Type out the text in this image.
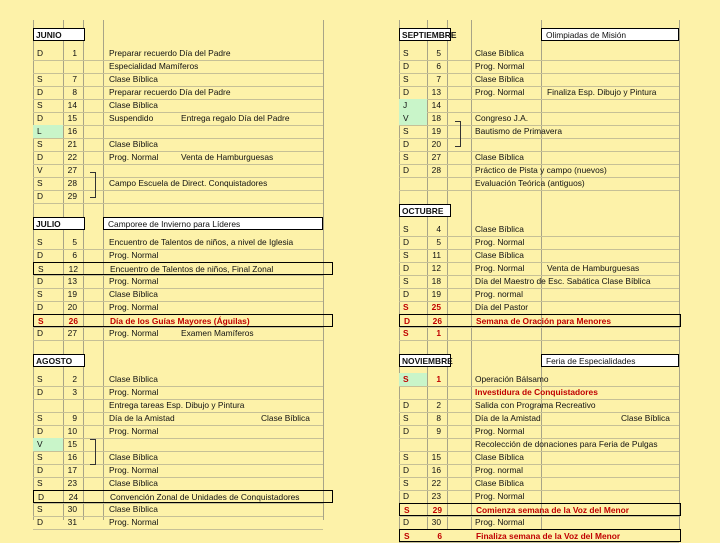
JUNIO
D	1	Preparar recuerdo Día del Padre
Especialidad Mamíferos
S	7	Clase Bíblica
D	8	Preparar recuerdo Día del Padre
S	14	Clase Bíblica
D	15	Suspendido	Entrega regalo Día del Padre
L	16
S	21	Clase Bíblica
D	22	Prog. Normal	Venta de Hamburguesas
V	27
S	28	Campo Escuela de Direct. Conquistadores
D	29
JULIO	Camporee de Invierno para Líderes
S	5	Encuentro de Talentos de niños, a nivel de Iglesia
D	6	Prog. Normal
S	12	Encuentro de Talentos de niños, Final Zonal
D	13	Prog. Normal
S	19	Clase Bíblica
D	20	Prog. Normal
S	26	Día de los Guías Mayores (Águilas)
D	27	Prog. Normal	Examen Mamíferos
AGOSTO
S	2	Clase Bíblica
D	3	Prog. Normal
Entrega tareas Esp. Dibujo y Pintura
S	9	Día de la Amistad	Clase Bíblica
D	10	Prog. Normal
V	15
S	16	Clase Bíblica
D	17	Prog. Normal
S	23	Clase Bíblica
D	24	Convención Zonal de Unidades de Conquistadores
S	30	Clase Bíblica
D	31	Prog. Normal
SEPTIEMBRE	Olimpiadas de Misión
S	5	Clase Bíblica
D	6	Prog. Normal
S	7	Clase Bíblica
D	13	Prog. Normal	Finaliza Esp. Dibujo y Pintura
J	14
V	18	Congreso J.A.
S	19	Bautismo de Primavera
D	20
S	27	Clase Bíblica
D	28	Práctico de Pista y campo (nuevos)
Evaluación Teórica (antiguos)
OCTUBRE
S	4	Clase Bíblica
D	5	Prog. Normal
S	11	Clase Bíblica
D	12	Prog. Normal	Venta de Hamburguesas
S	18	Día del Maestro de Esc. Sabática Clase Bíblica
D	19	Prog. normal
S	25	Día del Pastor
D	26	Semana de Oración para Menores
S	1
NOVIEMBRE	Feria de Especialidades
S	1	Operación Bálsamo
Investidura de Conquistadores
D	2	Salida con Programa Recreativo
S	8	Día de la Amistad	Clase Bíblica
D	9	Prog. Normal
Recolección de donaciones para Feria de Pulgas
S	15	Clase Bíblica
D	16	Prog. normal
S	22	Clase Bíblica
D	23	Prog. Normal
S	29	Comienza semana de la Voz del Menor
D	30	Prog. Normal
S	6	Finaliza semana de la Voz del Menor
